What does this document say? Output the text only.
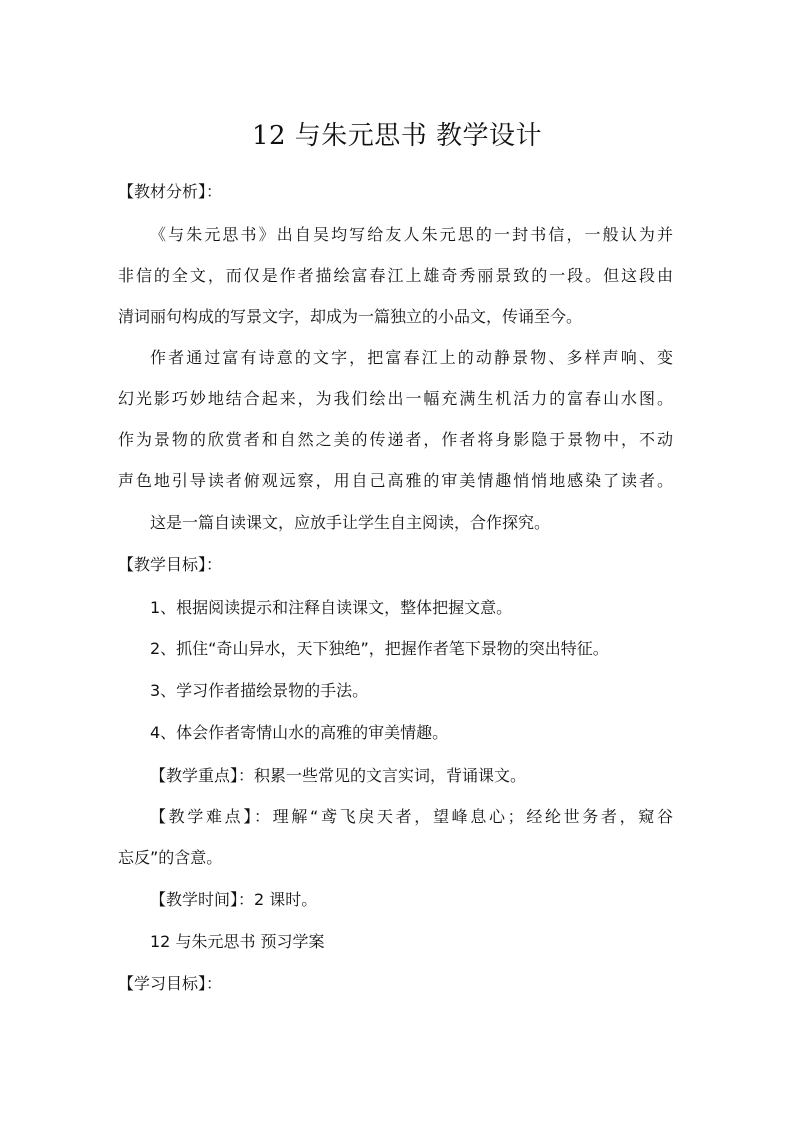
12 与朱元思书 教学设计
【教材分析】：
《与朱元思书》出自吴均写给友人朱元思的一封书信，一般认为并
非信的全文，而仅是作者描绘富春江上雄奇秀丽景致的一段。但这段由
清词丽句构成的写景文字，却成为一篇独立的小品文，传诵至今。
作者通过富有诗意的文字，把富春江上的动静景物、多样声响、变
幻光影巧妙地结合起来，为我们绘出一幅充满生机活力的富春山水图。
作为景物的欣赏者和自然之美的传递者，作者将身影隐于景物中，不动
声色地引导读者俯观远察，用自己高雅的审美情趣悄悄地感染了读者。
这是一篇自读课文，应放手让学生自主阅读，合作探究。
【教学目标】：
1、根据阅读提示和注释自读课文，整体把握文意。
2、抓住“奇山异水，天下独绝”，把握作者笔下景物的突出特征。
3、学习作者描绘景物的手法。
4、体会作者寄情山水的高雅的审美情趣。
【教学重点】：积累一些常见的文言实词，背诵课文。
【教学难点】：理解“鸢飞戾天者，望峰息心；经纶世务者，窥谷
忘反”的含意。
【教学时间】：2 课时。
12 与朱元思书 预习学案
【学习目标】：
